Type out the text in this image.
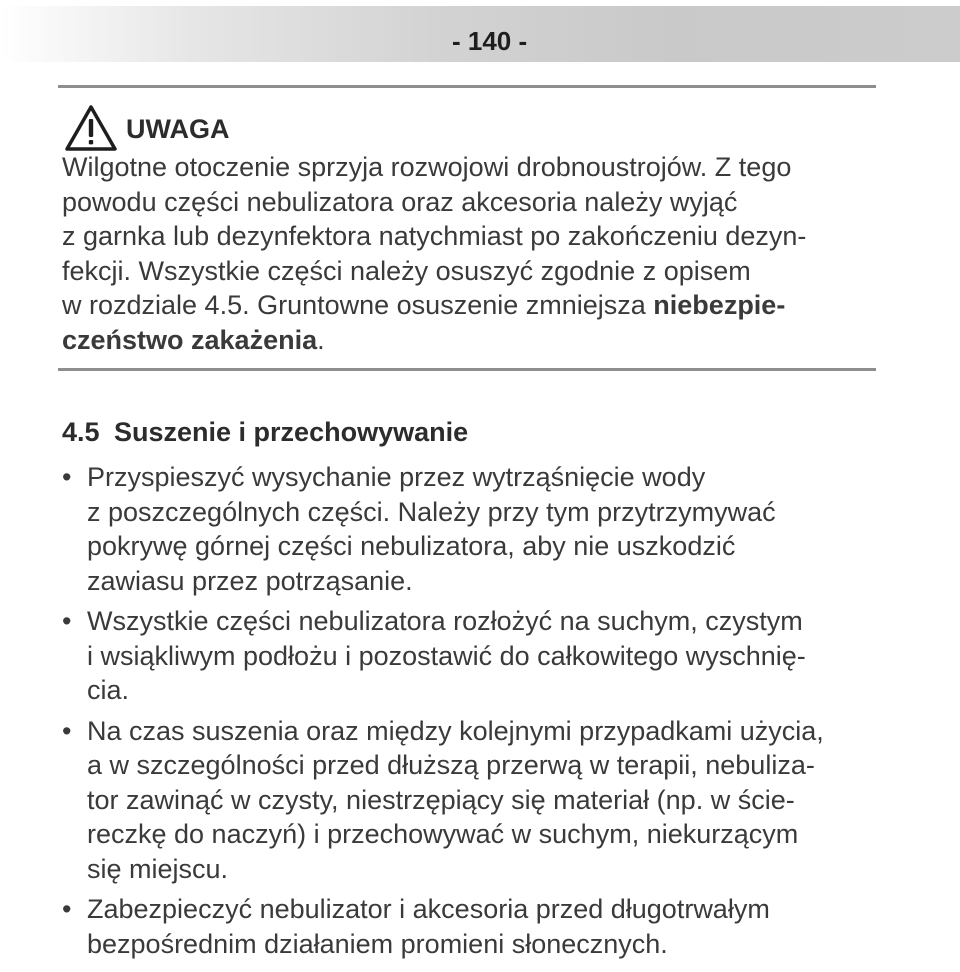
- 140 -
UWAGA
Wilgotne otoczenie sprzyja rozwojowi drobnoustrojów. Z tego
powodu części nebulizatora oraz akcesoria należy wyjąć
z garnka lub dezynfektora natychmiast po zakończeniu dezyn-
fekcji. Wszystkie części należy osuszyć zgodnie z opisem
w rozdziale 4.5. Gruntowne osuszenie zmniejsza niebezpie-
czeństwo zakażenia.
4.5 Suszenie i przechowywanie
• Przyspieszyć wysychanie przez wytrząśnięcie wody
z poszczególnych części. Należy przy tym przytrzymywać
pokrywę górnej części nebulizatora, aby nie uszkodzić
zawiasu przez potrząsanie.
• Wszystkie części nebulizatora rozłożyć na suchym, czystym
i wsiąkliwym podłożu i pozostawić do całkowitego wyschnię-
cia.
• Na czas suszenia oraz między kolejnymi przypadkami użycia,
a w szczególności przed dłuższą przerwą w terapii, nebuliza-
tor zawinąć w czysty, niestrzępiący się materiał (np. w ście-
reczkę do naczyń) i przechowywać w suchym, niekurzącym
się miejscu.
• Zabezpieczyć nebulizator i akcesoria przed długotrwałym
bezpośrednim działaniem promieni słonecznych.
